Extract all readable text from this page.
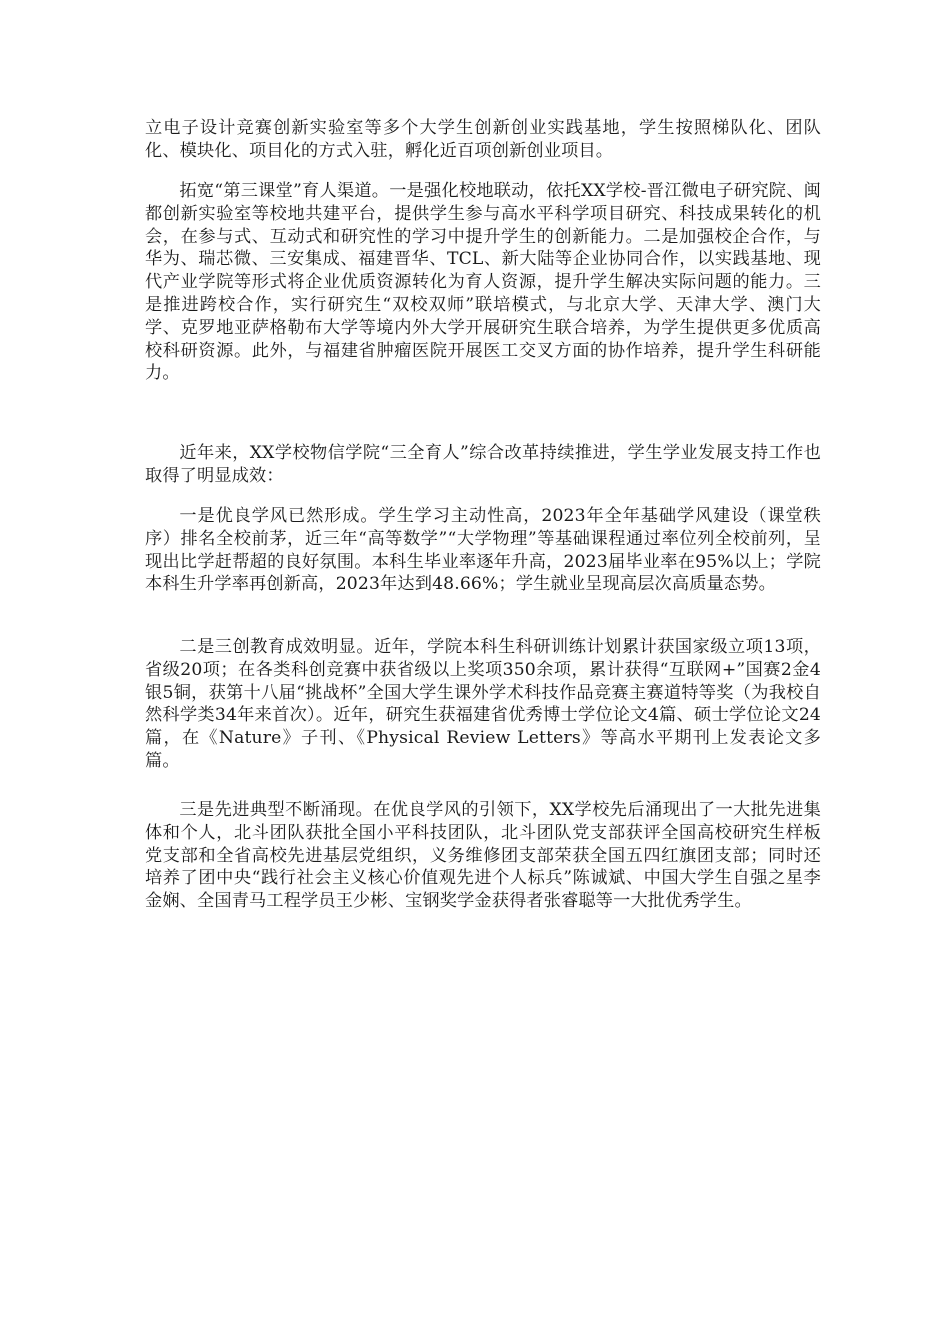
立电子设计竞赛创新实验室等多个大学生创新创业实践基地，学生按照梯队化、团队化、模块化、项目化的方式入驻，孵化近百项创新创业项目。

拓宽“第三课堂”育人渠道。一是强化校地联动，依托XX学校-晋江微电子研究院、闽都创新实验室等校地共建平台，提供学生参与高水平科学项目研究、科技成果转化的机会，在参与式、互动式和研究性的学习中提升学生的创新能力。二是加强校企合作，与华为、瑞芯微、三安集成、福建晋华、TCL、新大陆等企业协同合作，以实践基地、现代产业学院等形式将企业优质资源转化为育人资源，提升学生解决实际问题的能力。三是推进跨校合作，实行研究生“双校双师”联培模式，与北京大学、天津大学、澳门大学、克罗地亚萨格勒布大学等境内外大学开展研究生联合培养，为学生提供更多优质高校科研资源。此外，与福建省肿瘤医院开展医工交叉方面的协作培养，提升学生科研能力。

近年来，XX学校物信学院“三全育人”综合改革持续推进，学生学业发展支持工作也取得了明显成效：

一是优良学风已然形成。学生学习主动性高，2023年全年基础学风建设（课堂秩序）排名全校前茅，近三年“高等数学”“大学物理”等基础课程通过率位列全校前列，呈现出比学赶帮超的良好氛围。本科生毕业率逐年升高，2023届毕业率在95%以上；学院本科生升学率再创新高，2023年达到48.66%；学生就业呈现高层次高质量态势。

二是三创教育成效明显。近年，学院本科生科研训练计划累计获国家级立项13项，省级20项；在各类科创竞赛中获省级以上奖项350余项，累计获得“互联网+”国赛2金4银5铜，获第十八届“挑战杯”全国大学生课外学术科技作品竞赛主赛道特等奖（为我校自然科学类34年来首次）。近年，研究生获福建省优秀博士学位论文4篇、硕士学位论文24篇，在《Nature》子刊、《Physical Review Letters》等高水平期刊上发表论文多篇。

三是先进典型不断涌现。在优良学风的引领下，XX学校先后涌现出了一大批先进集体和个人，北斗团队获批全国小平科技团队，北斗团队党支部获评全国高校研究生样板党支部和全省高校先进基层党组织，义务维修团支部荣获全国五四红旗团支部；同时还培养了团中央“践行社会主义核心价值观先进个人标兵”陈诚斌、中国大学生自强之星李金娴、全国青马工程学员王少彬、宝钢奖学金获得者张睿聪等一大批优秀学生。
